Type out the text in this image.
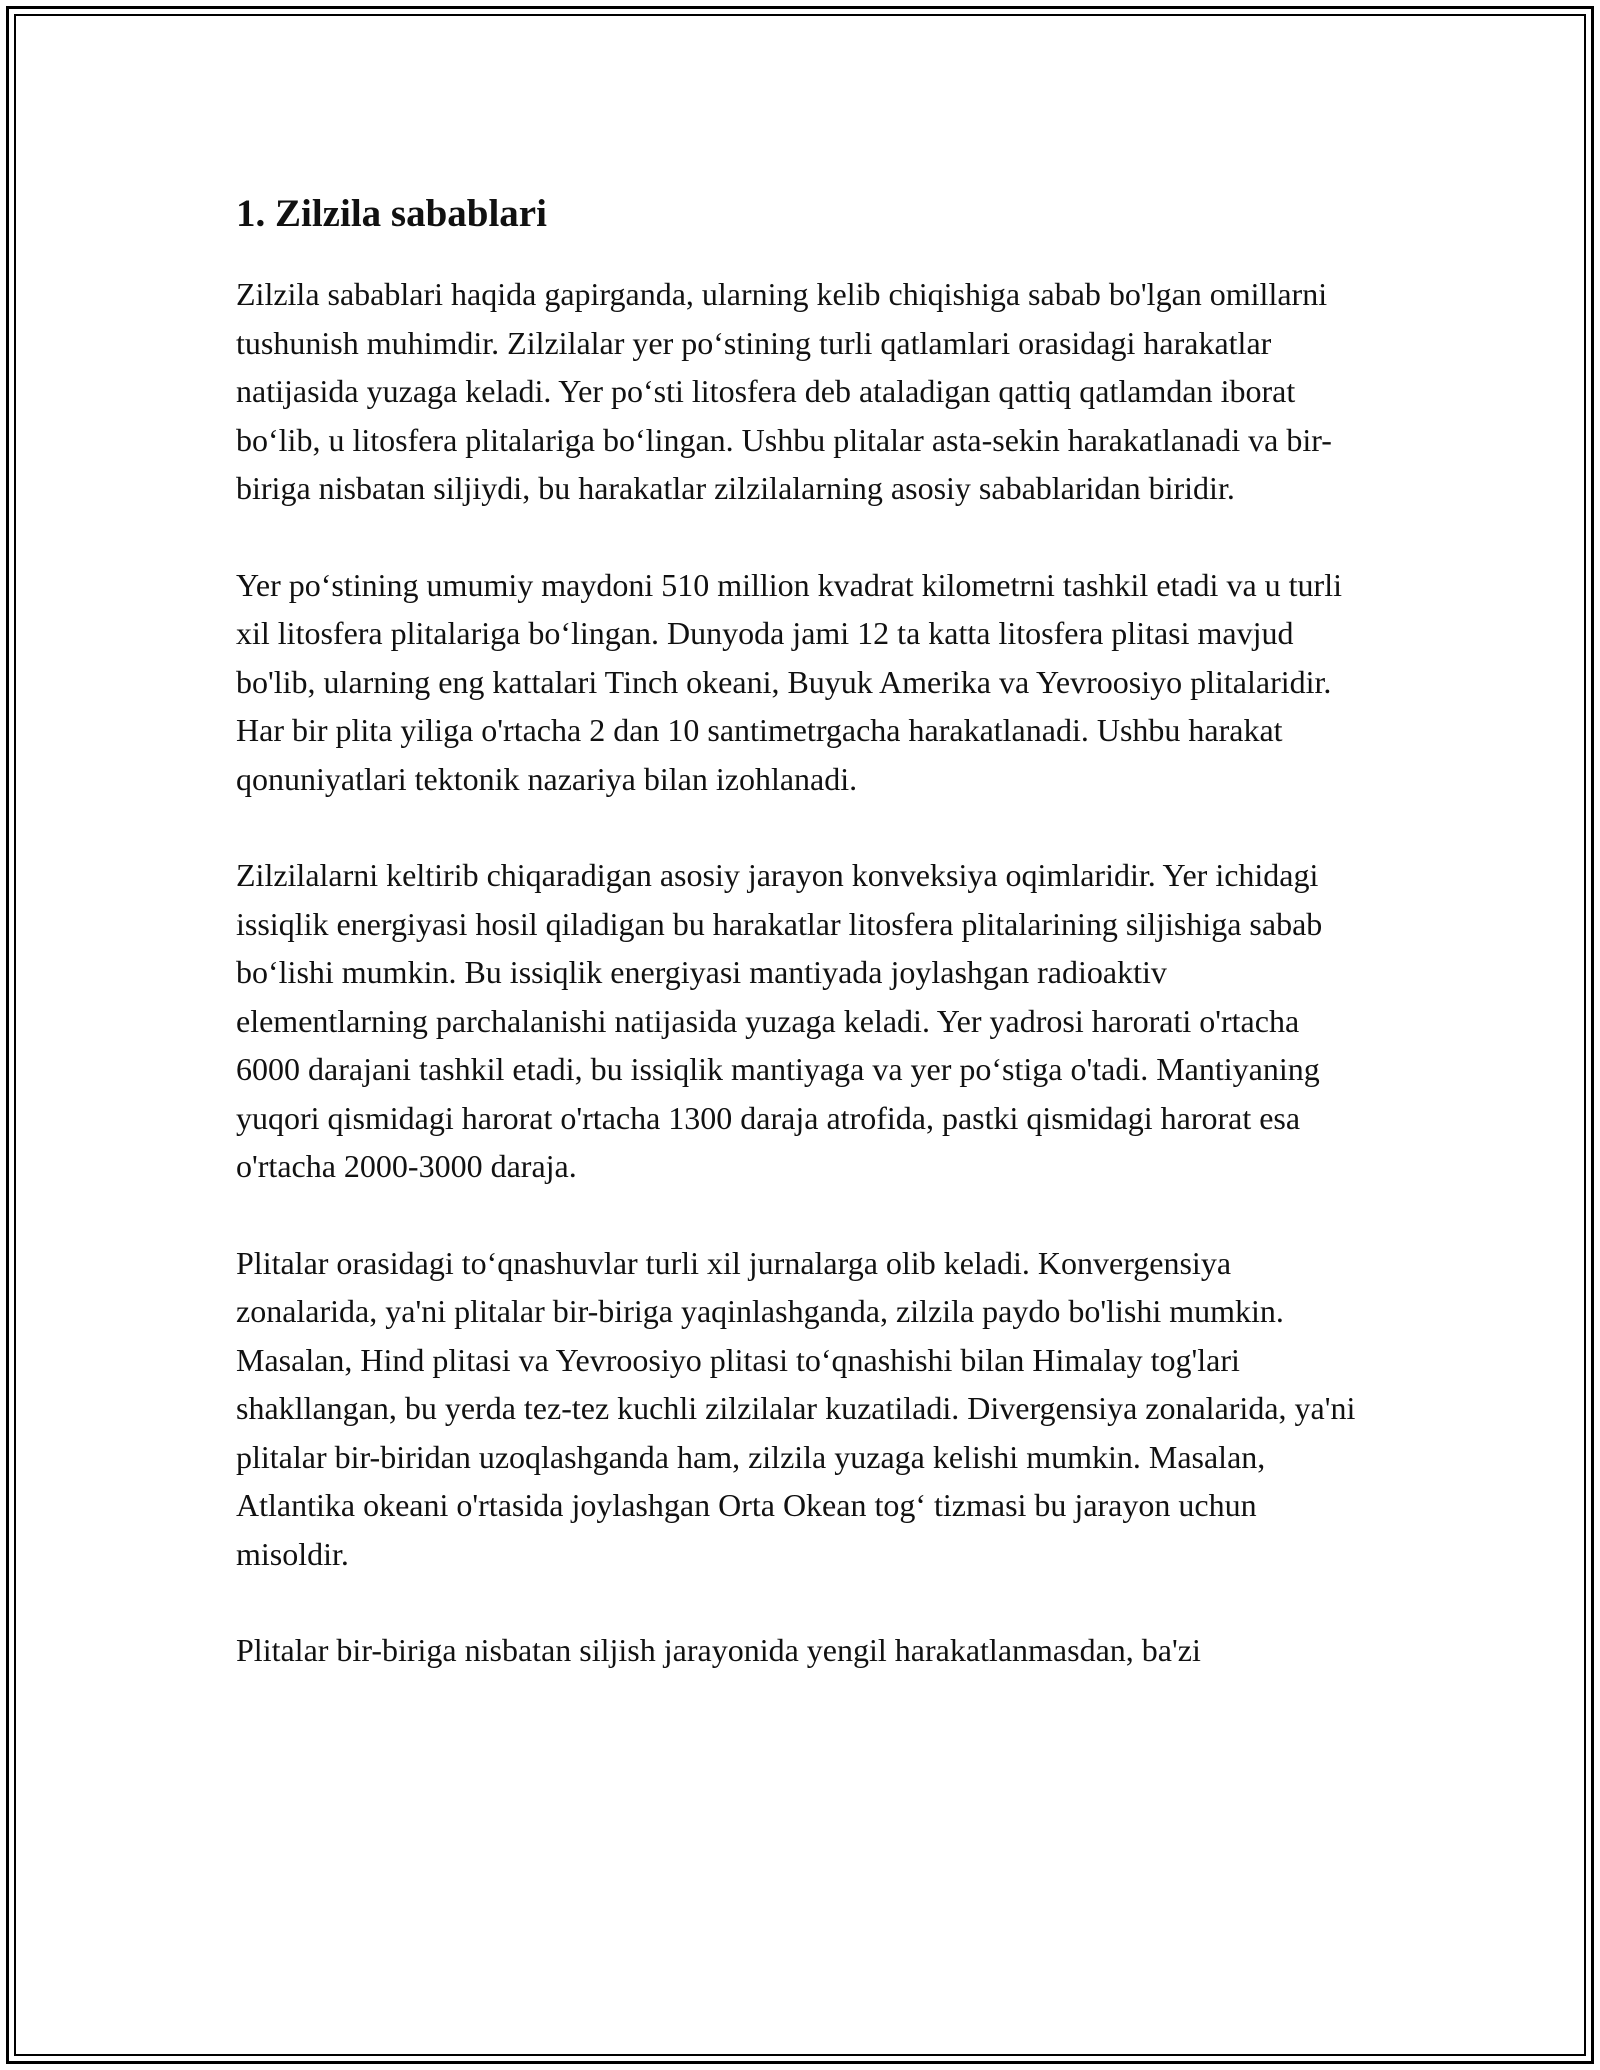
1. Zilzila sabablari

Zilzila sabablari haqida gapirganda, ularning kelib chiqishiga sabab bo'lgan omillarni tushunish muhimdir. Zilzilalar yer po‘stining turli qatlamlari orasidagi harakatlar natijasida yuzaga keladi. Yer po‘sti litosfera deb ataladigan qattiq qatlamdan iborat bo‘lib, u litosfera plitalariga bo‘lingan. Ushbu plitalar asta-sekin harakatlanadi va bir-biriga nisbatan siljiydi, bu harakatlar zilzilalarning asosiy sabablaridan biridir.

Yer po‘stining umumiy maydoni 510 million kvadrat kilometrni tashkil etadi va u turli xil litosfera plitalariga bo‘lingan. Dunyoda jami 12 ta katta litosfera plitasi mavjud bo'lib, ularning eng kattalari Tinch okeani, Buyuk Amerika va Yevroosiyo plitalaridir. Har bir plita yiliga o'rtacha 2 dan 10 santimetrgacha harakatlanadi. Ushbu harakat qonuniyatlari tektonik nazariya bilan izohlanadi.

Zilzilalarni keltirib chiqaradigan asosiy jarayon konveksiya oqimlaridir. Yer ichidagi issiqlik energiyasi hosil qiladigan bu harakatlar litosfera plitalarining siljishiga sabab bo‘lishi mumkin. Bu issiqlik energiyasi mantiyada joylashgan radioaktiv elementlarning parchalanishi natijasida yuzaga keladi. Yer yadrosi harorati o'rtacha 6000 darajani tashkil etadi, bu issiqlik mantiyaga va yer po‘stiga o'tadi. Mantiyaning yuqori qismidagi harorat o'rtacha 1300 daraja atrofida, pastki qismidagi harorat esa o'rtacha 2000-3000 daraja.

Plitalar orasidagi to‘qnashuvlar turli xil jurnalarga olib keladi. Konvergensiya zonalarida, ya'ni plitalar bir-biriga yaqinlashganda, zilzila paydo bo'lishi mumkin. Masalan, Hind plitasi va Yevroosiyo plitasi to‘qnashishi bilan Himalay tog'lari shakllangan, bu yerda tez-tez kuchli zilzilalar kuzatiladi. Divergensiya zonalarida, ya'ni plitalar bir-biridan uzoqlashganda ham, zilzila yuzaga kelishi mumkin. Masalan, Atlantika okeani o'rtasida joylashgan Orta Okean tog‘ tizmasi bu jarayon uchun misoldir.

Plitalar bir-biriga nisbatan siljish jarayonida yengil harakatlanmasdan, ba'zi
